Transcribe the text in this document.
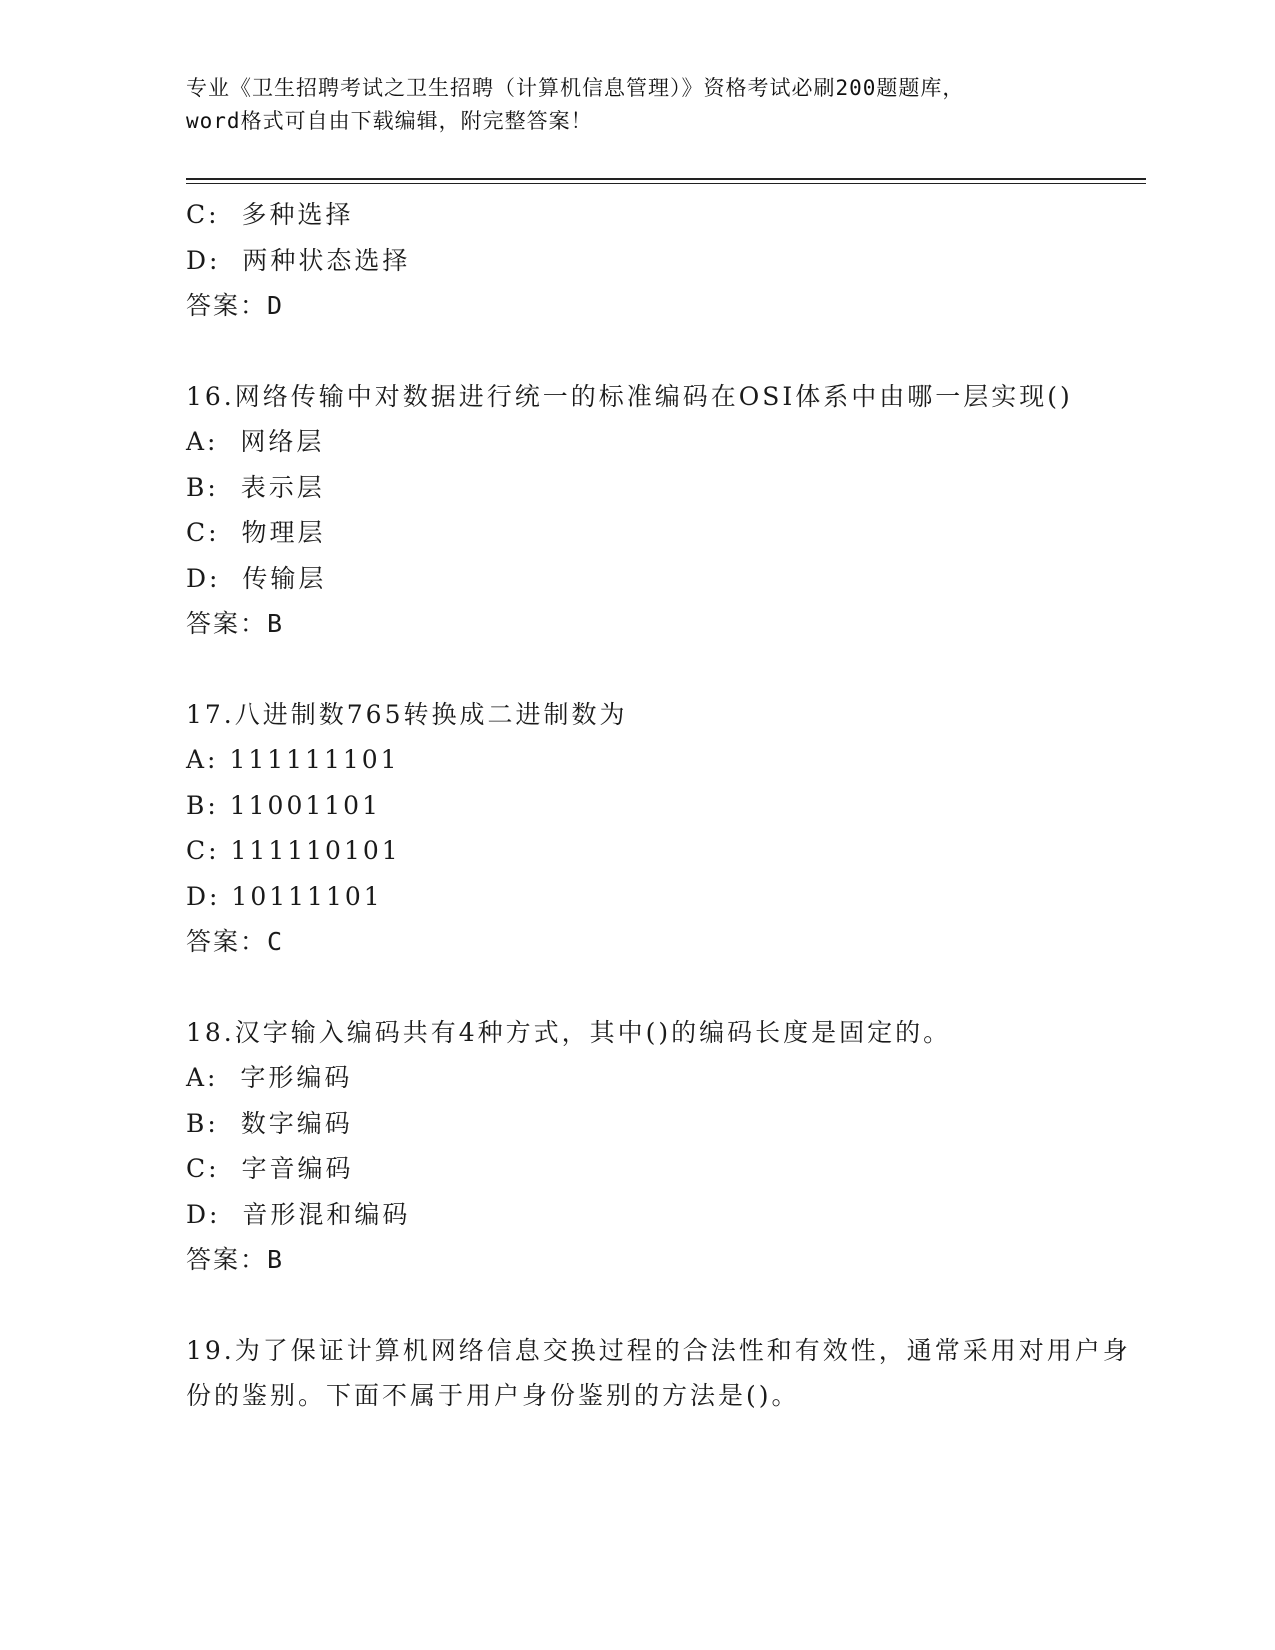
专业《卫生招聘考试之卫生招聘（计算机信息管理）》资格考试必刷200题题库，
word格式可自由下载编辑，附完整答案！
C: 多种选择
D: 两种状态选择
答案：D
16.网络传输中对数据进行统一的标准编码在OSI体系中由哪一层实现()
A: 网络层
B: 表示层
C: 物理层
D: 传输层
答案：B
17.八进制数765转换成二进制数为
A: 111111101
B: 11001101
C: 111110101
D: 10111101
答案：C
18.汉字输入编码共有4种方式，其中()的编码长度是固定的。
A: 字形编码
B: 数字编码
C: 字音编码
D: 音形混和编码
答案：B
19.为了保证计算机网络信息交换过程的合法性和有效性，通常采用对用户身份的鉴别。下面不属于用户身份鉴别的方法是()。
